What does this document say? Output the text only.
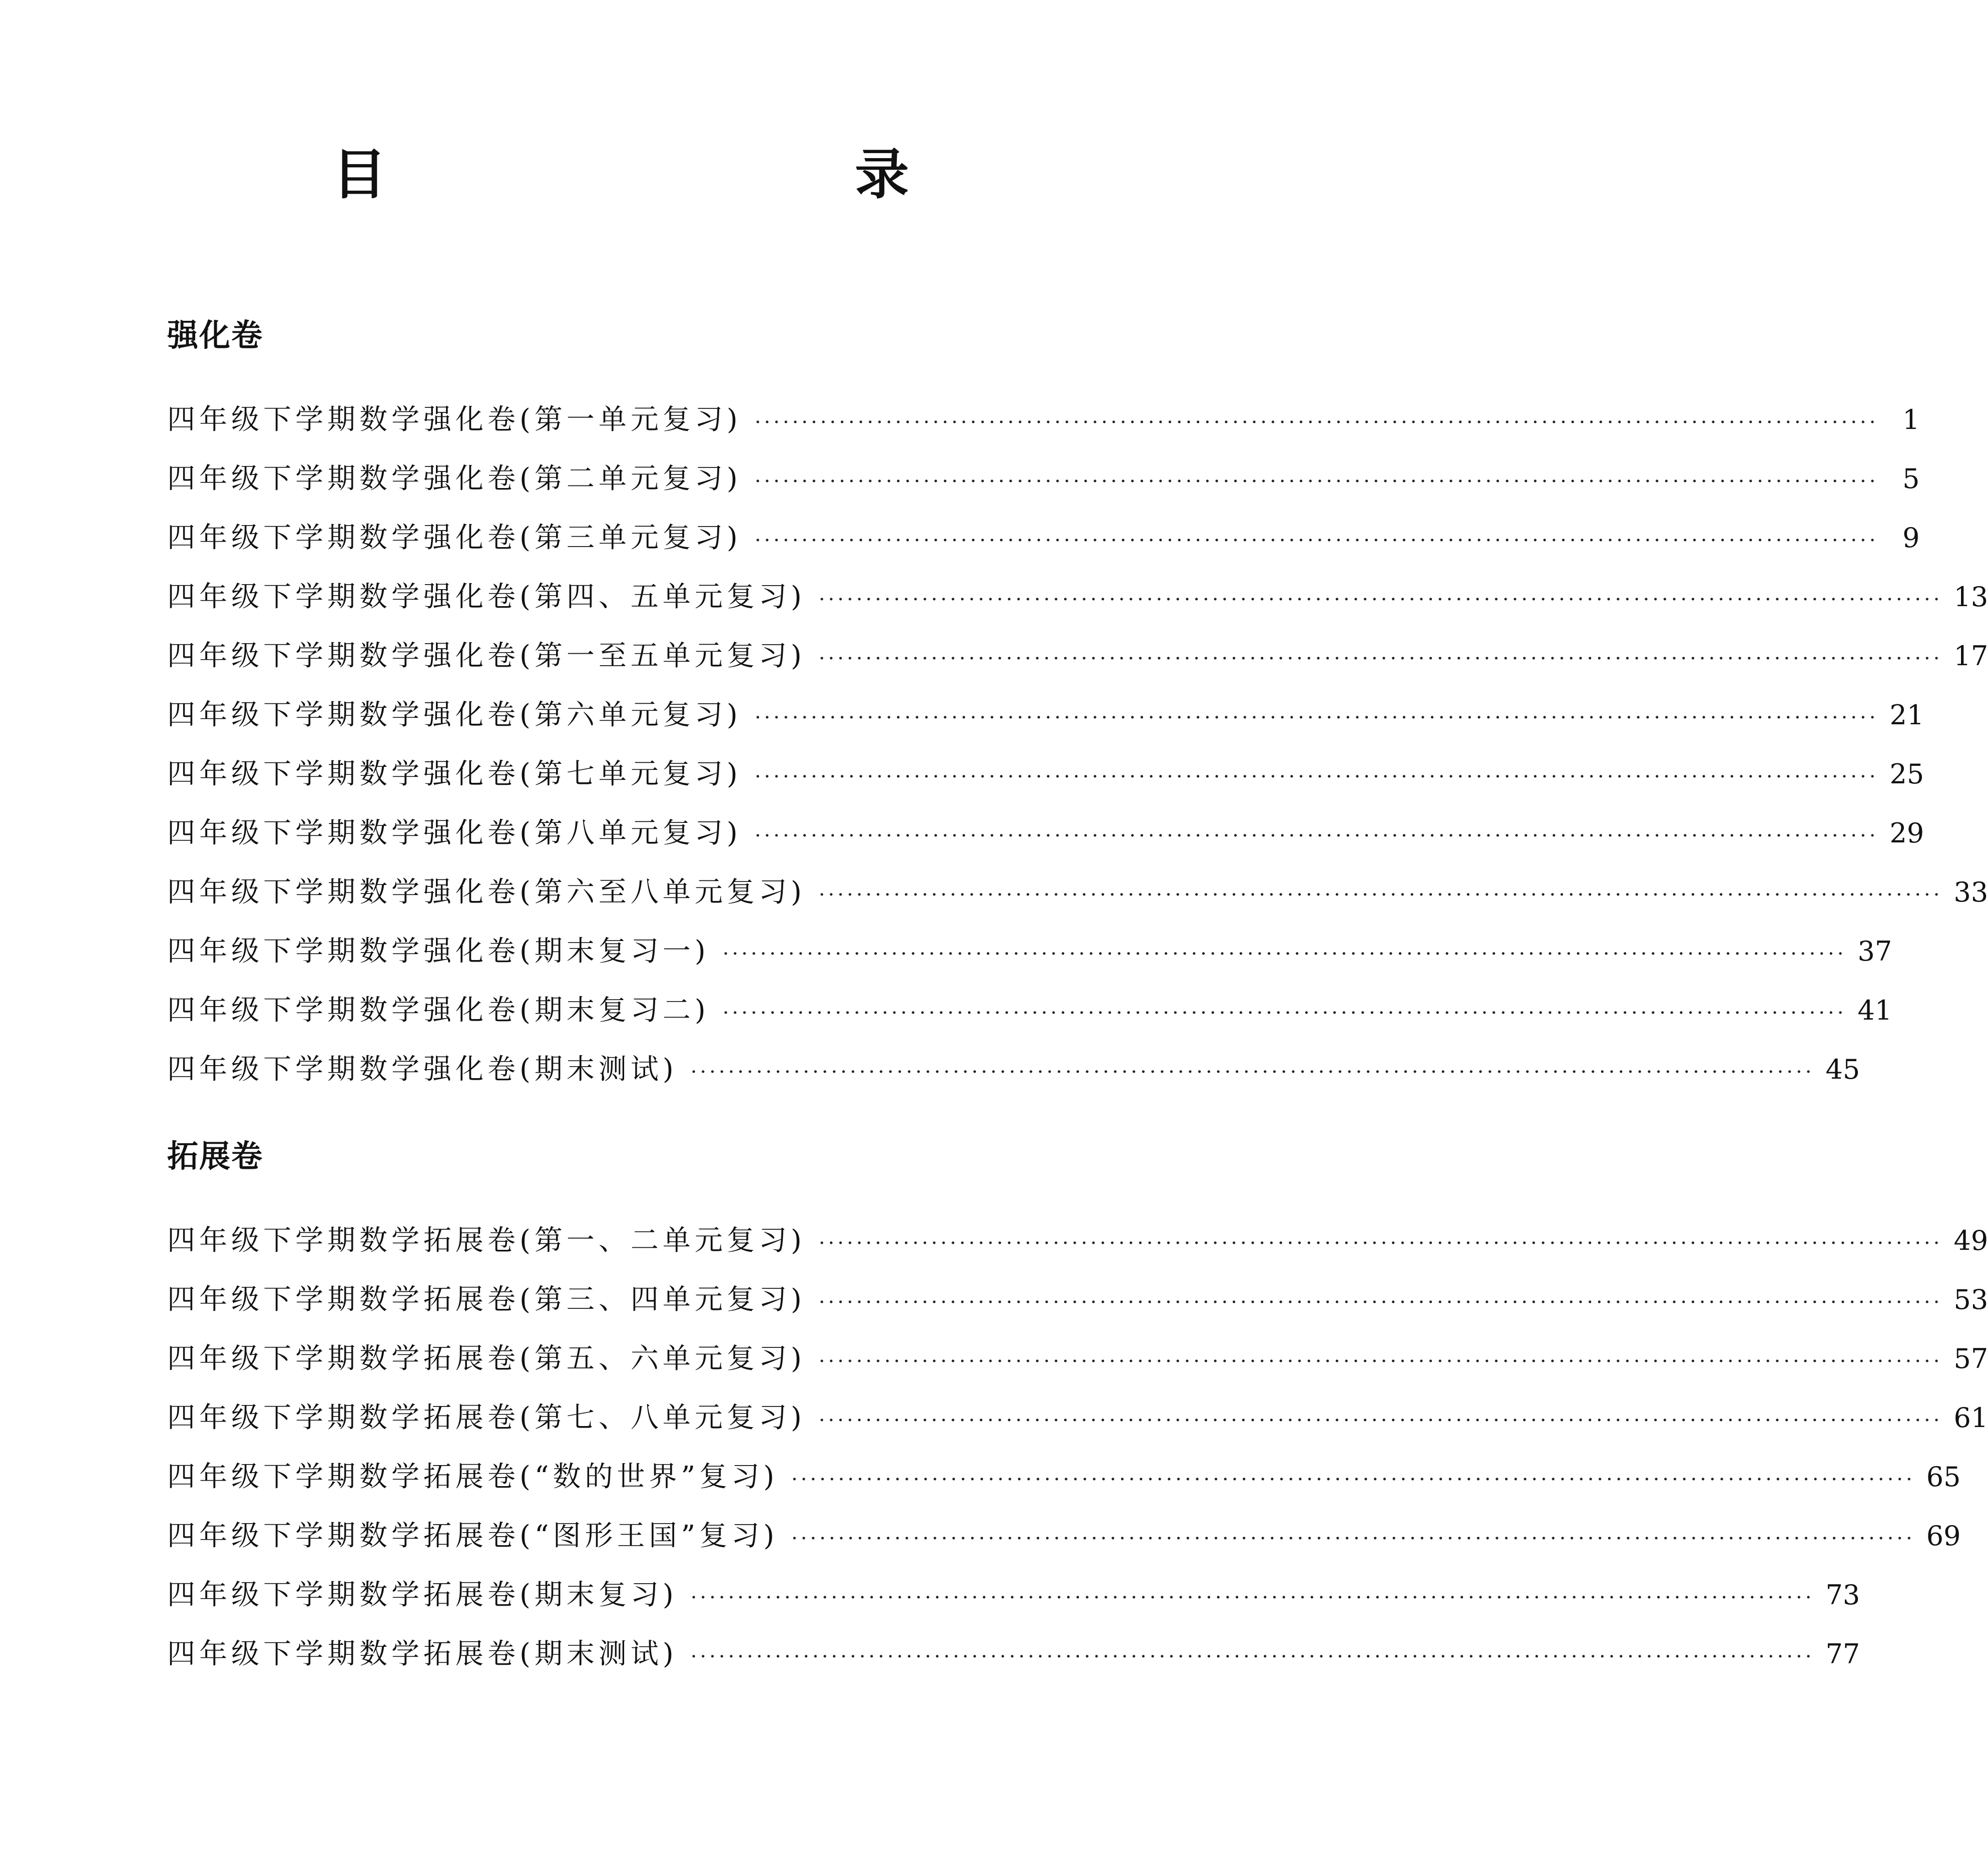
目　　录
强化卷
四年级下学期数学强化卷(第一单元复习) ························································································································ 1
四年级下学期数学强化卷(第二单元复习) ························································································································ 5
四年级下学期数学强化卷(第三单元复习) ························································································································ 9
四年级下学期数学强化卷(第四、五单元复习) ························································································································ 13
四年级下学期数学强化卷(第一至五单元复习) ························································································································ 17
四年级下学期数学强化卷(第六单元复习) ························································································································ 21
四年级下学期数学强化卷(第七单元复习) ························································································································ 25
四年级下学期数学强化卷(第八单元复习) ························································································································ 29
四年级下学期数学强化卷(第六至八单元复习) ························································································································ 33
四年级下学期数学强化卷(期末复习一) ························································································································ 37
四年级下学期数学强化卷(期末复习二) ························································································································ 41
四年级下学期数学强化卷(期末测试) ························································································································ 45
拓展卷
四年级下学期数学拓展卷(第一、二单元复习) ························································································································ 49
四年级下学期数学拓展卷(第三、四单元复习) ························································································································ 53
四年级下学期数学拓展卷(第五、六单元复习) ························································································································ 57
四年级下学期数学拓展卷(第七、八单元复习) ························································································································ 61
四年级下学期数学拓展卷(“数的世界”复习) ························································································································ 65
四年级下学期数学拓展卷(“图形王国”复习) ························································································································ 69
四年级下学期数学拓展卷(期末复习) ························································································································ 73
四年级下学期数学拓展卷(期末测试) ························································································································ 77
